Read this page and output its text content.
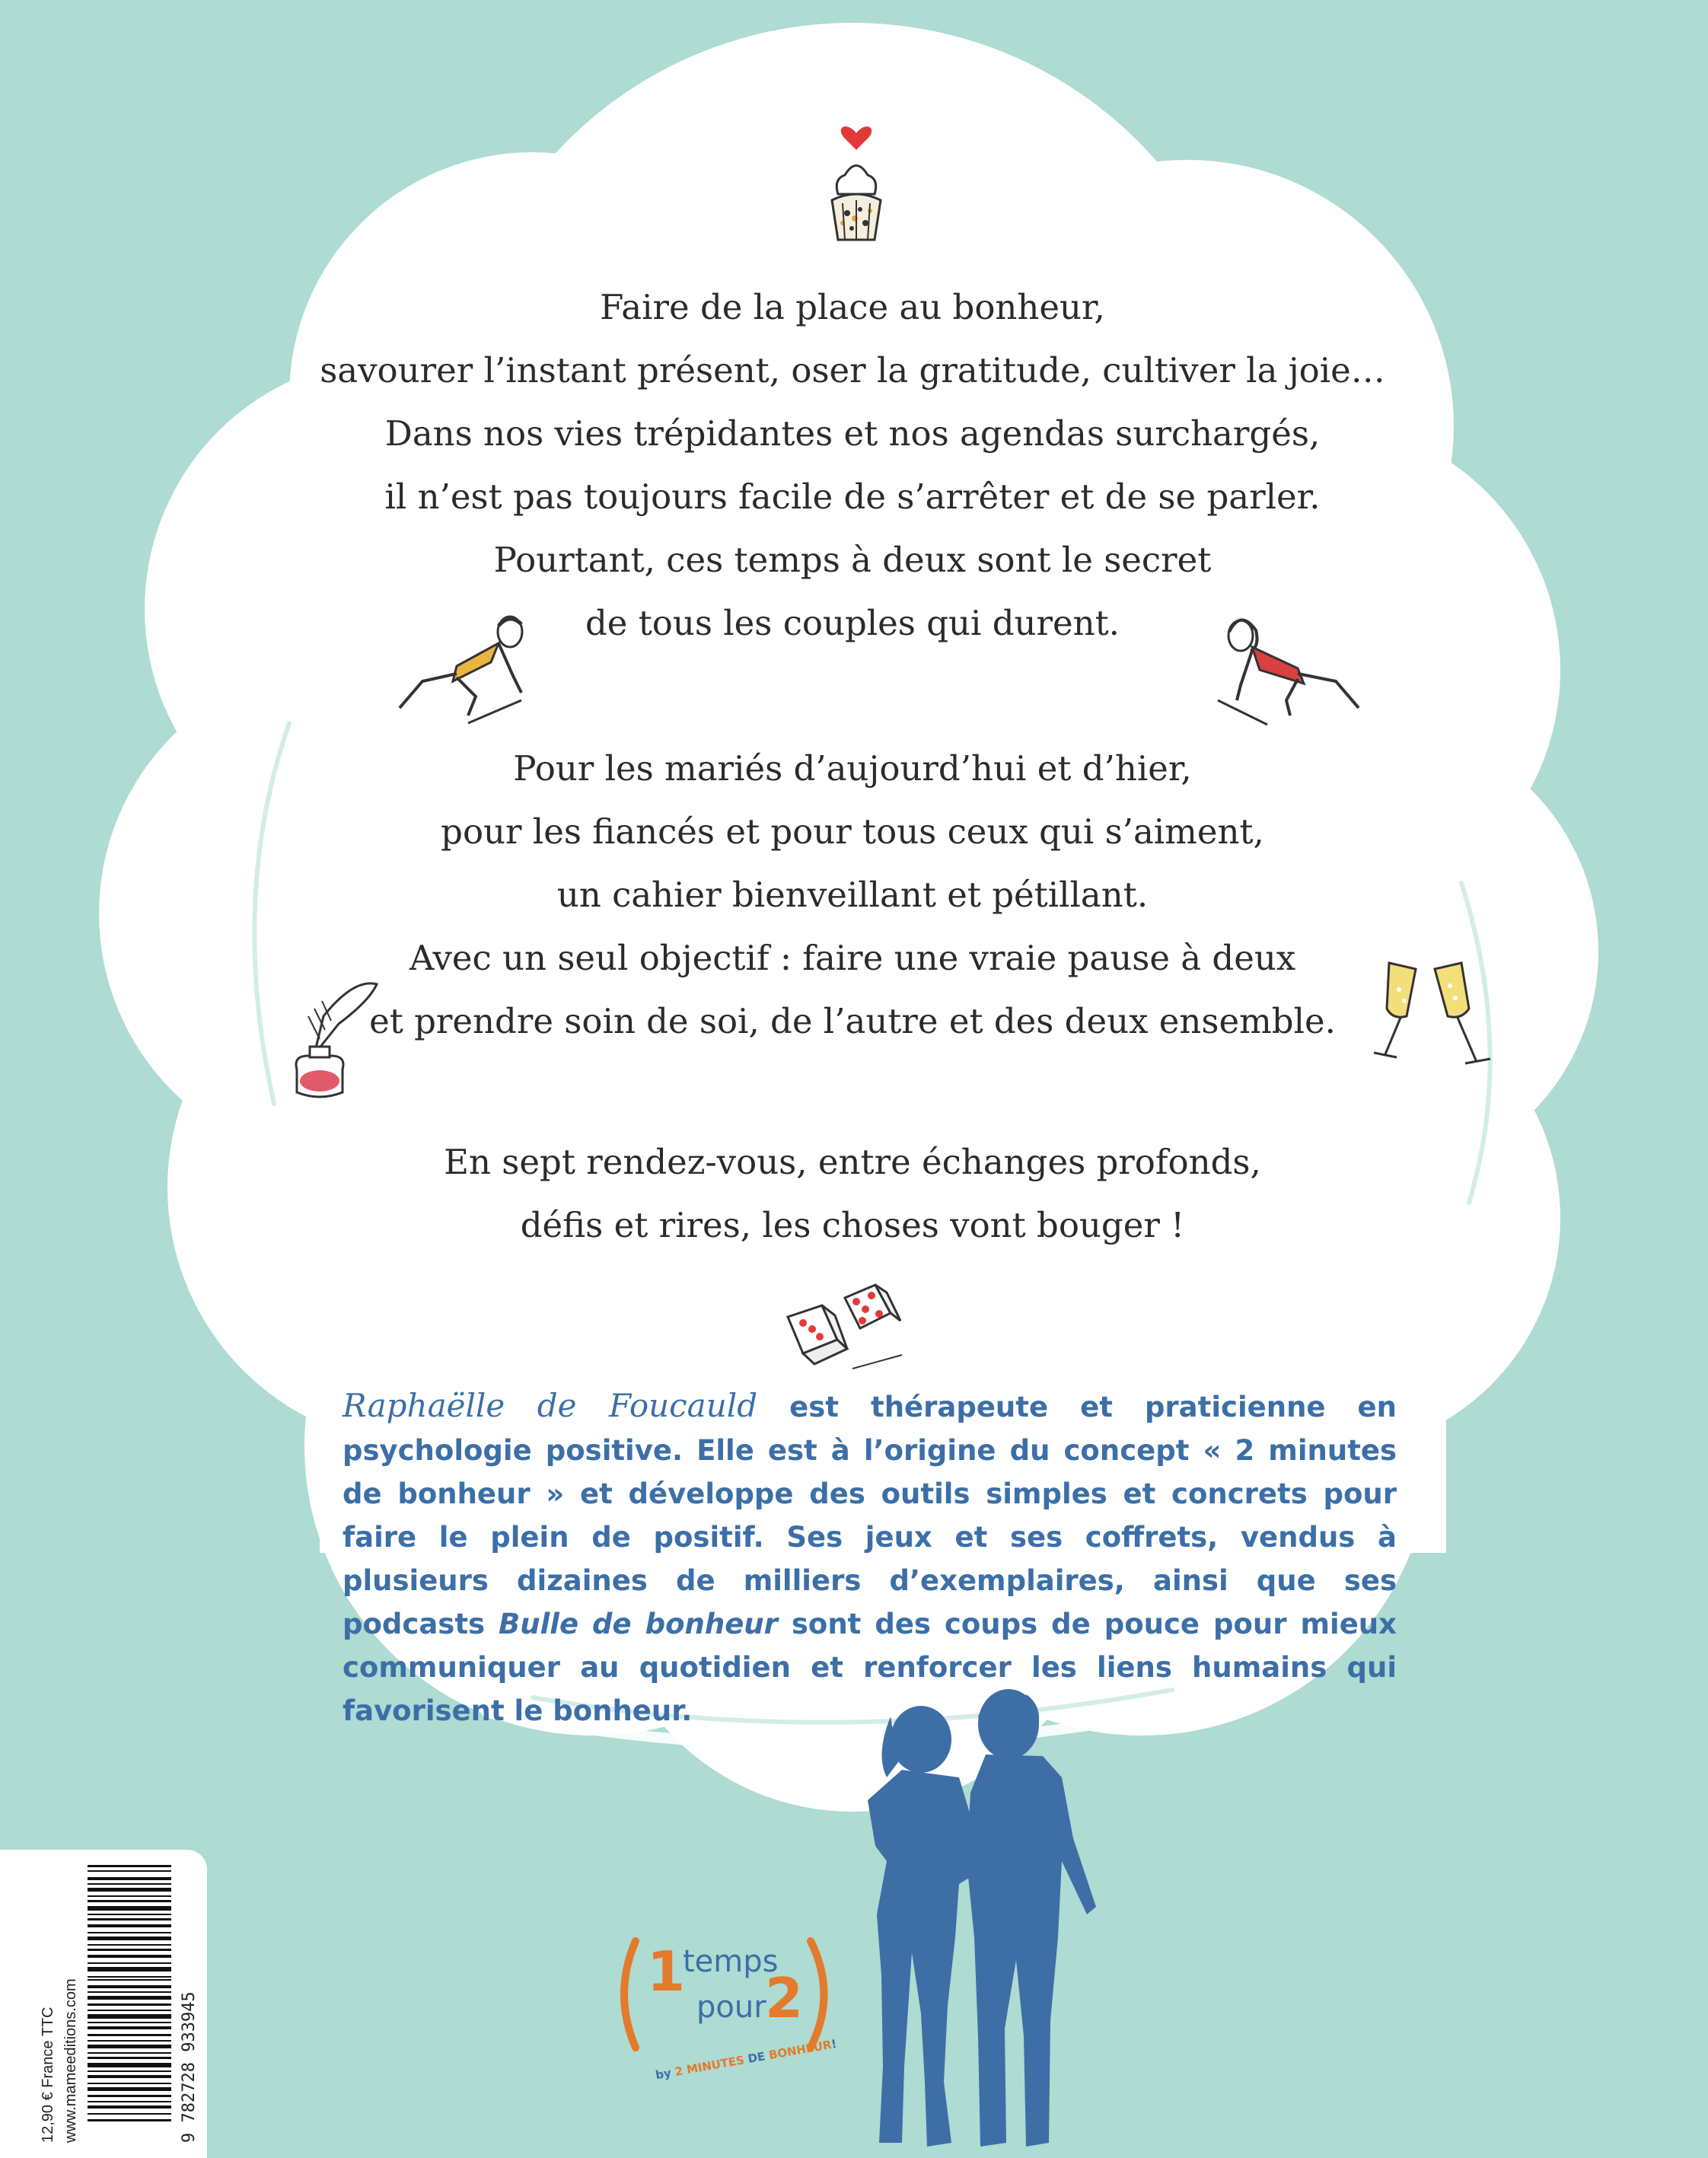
Faire de la place au bonheur,

savourer l’instant présent, oser la gratitude, cultiver la joie…

Dans nos vies trépidantes et nos agendas surchargés,

il n’est pas toujours facile de s’arrêter et de se parler.

Pourtant, ces temps à deux sont le secret

de tous les couples qui durent.

Pour les mariés d’aujourd’hui et d’hier,

pour les fiancés et pour tous ceux qui s’aiment,

un cahier bienveillant et pétillant.

Avec un seul objectif : faire une vraie pause à deux

et prendre soin de soi, de l’autre et des deux ensemble.

En sept rendez-vous, entre échanges profonds,

défis et rires, les choses vont bouger !

Raphaëlle de Foucauld est thérapeute et praticienne en psychologie positive. Elle est à l’origine du concept « 2 minutes de bonheur » et développe des outils simples et concrets pour faire le plein de positif. Ses jeux et ses coffrets, vendus à plusieurs dizaines de milliers d’exemplaires, ainsi que ses podcasts Bulle de bonheur sont des coups de pouce pour mieux communiquer au quotidien et renforcer les liens humains qui favorisent le bonheur.
1
temps
pour
2
by 2 MINUTES DE BONHEUR!
12,90 € France TTC www.mameeditions.com	9 782728 933945
